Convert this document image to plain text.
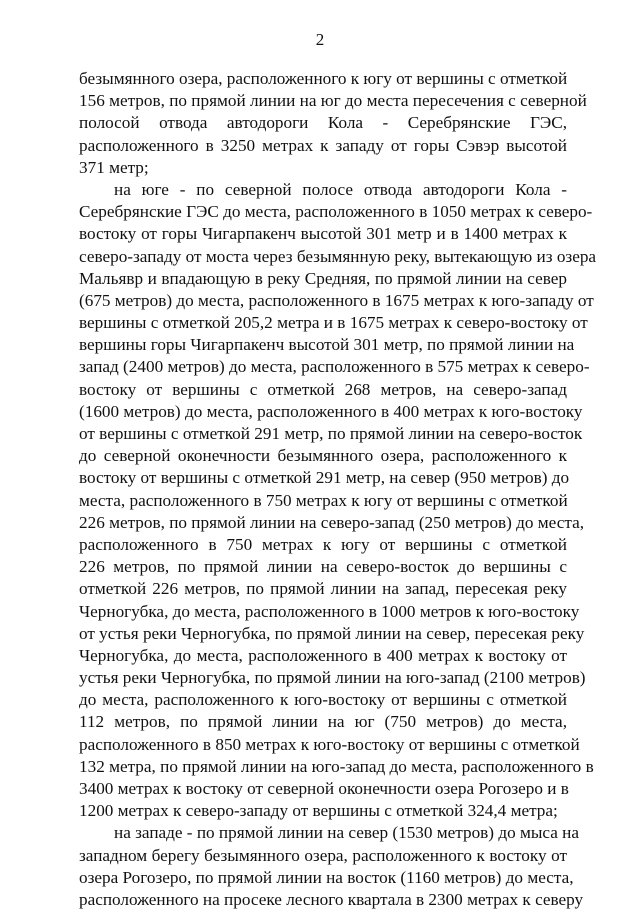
2
безымянного озера, расположенного к югу от вершины с отметкой
156 метров, по прямой линии на юг до места пересечения с северной
полосой отвода автодороги Кола - Серебрянские ГЭС,
расположенного в 3250 метрах к западу от горы Сэвэр высотой
371 метр;
на юге - по северной полосе отвода автодороги Кола -
Серебрянские ГЭС до места, расположенного в 1050 метрах к северо-
востоку от горы Чигарпакенч высотой 301 метр и в 1400 метрах к
северо-западу от моста через безымянную реку, вытекающую из озера
Мальявр и впадающую в реку Средняя, по прямой линии на север
(675 метров) до места, расположенного в 1675 метрах к юго-западу от
вершины с отметкой 205,2 метра и в 1675 метрах к северо-востоку от
вершины горы Чигарпакенч высотой 301 метр, по прямой линии на
запад (2400 метров) до места, расположенного в 575 метрах к северо-
востоку от вершины с отметкой 268 метров, на северо-запад
(1600 метров) до места, расположенного в 400 метрах к юго-востоку
от вершины с отметкой 291 метр, по прямой линии на северо-восток
до северной оконечности безымянного озера, расположенного к
востоку от вершины с отметкой 291 метр, на север (950 метров) до
места, расположенного в 750 метрах к югу от вершины с отметкой
226 метров, по прямой линии на северо-запад (250 метров) до места,
расположенного в 750 метрах к югу от вершины с отметкой
226 метров, по прямой линии на северо-восток до вершины с
отметкой 226 метров, по прямой линии на запад, пересекая реку
Черногубка, до места, расположенного в 1000 метров к юго-востоку
от устья реки Черногубка, по прямой линии на север, пересекая реку
Черногубка, до места, расположенного в 400 метрах к востоку от
устья реки Черногубка, по прямой линии на юго-запад (2100 метров)
до места, расположенного к юго-востоку от вершины с отметкой
112 метров, по прямой линии на юг (750 метров) до места,
расположенного в 850 метрах к юго-востоку от вершины с отметкой
132 метра, по прямой линии на юго-запад до места, расположенного в
3400 метрах к востоку от северной оконечности озера Рогозеро и в
1200 метрах к северо-западу от вершины с отметкой 324,4 метра;
на западе - по прямой линии на север (1530 метров) до мыса на
западном берегу безымянного озера, расположенного к востоку от
озера Рогозеро, по прямой линии на восток (1160 метров) до места,
расположенного на просеке лесного квартала в 2300 метрах к северу
